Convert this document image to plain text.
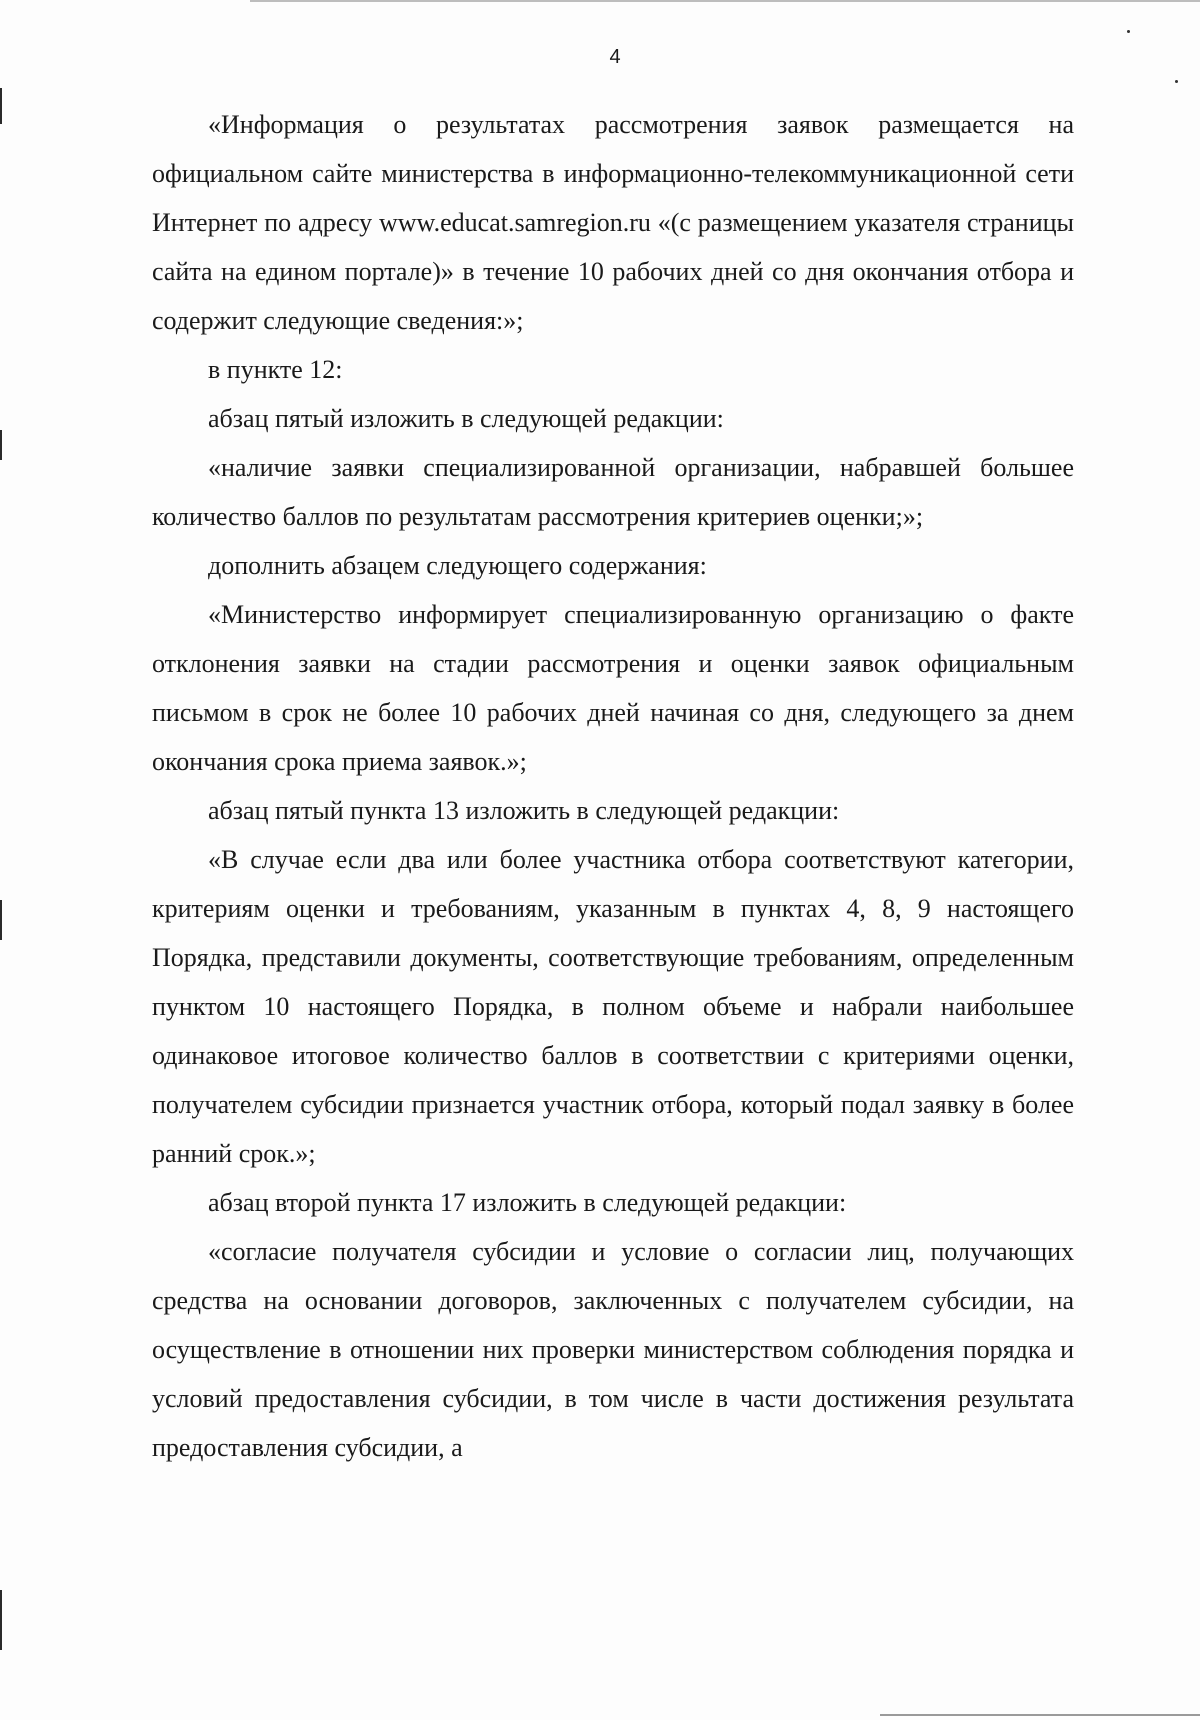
4

«Информация о результатах рассмотрения заявок размещается на официальном сайте министерства в информационно-телекоммуникационной сети Интернет по адресу www.educat.samregion.ru «(с размещением указателя страницы сайта на едином портале)» в течение 10 рабочих дней со дня окончания отбора и содержит следующие сведения:»;

в пункте 12:

абзац пятый изложить в следующей редакции:

«наличие заявки специализированной организации, набравшей большее количество баллов по результатам рассмотрения критериев оценки;»;

дополнить абзацем следующего содержания:

«Министерство информирует специализированную организацию о факте отклонения заявки на стадии рассмотрения и оценки заявок официальным письмом в срок не более 10 рабочих дней начиная со дня, следующего за днем окончания срока приема заявок.»;

абзац пятый пункта 13 изложить в следующей редакции:

«В случае если два или более участника отбора соответствуют категории, критериям оценки и требованиям, указанным в пунктах 4, 8, 9 настоящего Порядка, представили документы, соответствующие требованиям, определенным пунктом 10 настоящего Порядка, в полном объеме и набрали наибольшее одинаковое итоговое количество баллов в соответствии с критериями оценки, получателем субсидии признается участник отбора, который подал заявку в более ранний срок.»;

абзац второй пункта 17 изложить в следующей редакции:

«согласие получателя субсидии и условие о согласии лиц, получающих средства на основании договоров, заключенных с получателем субсидии, на осуществление в отношении них проверки министерством соблюдения порядка и условий предоставления субсидии, в том числе в части достижения результата предоставления субсидии, а
